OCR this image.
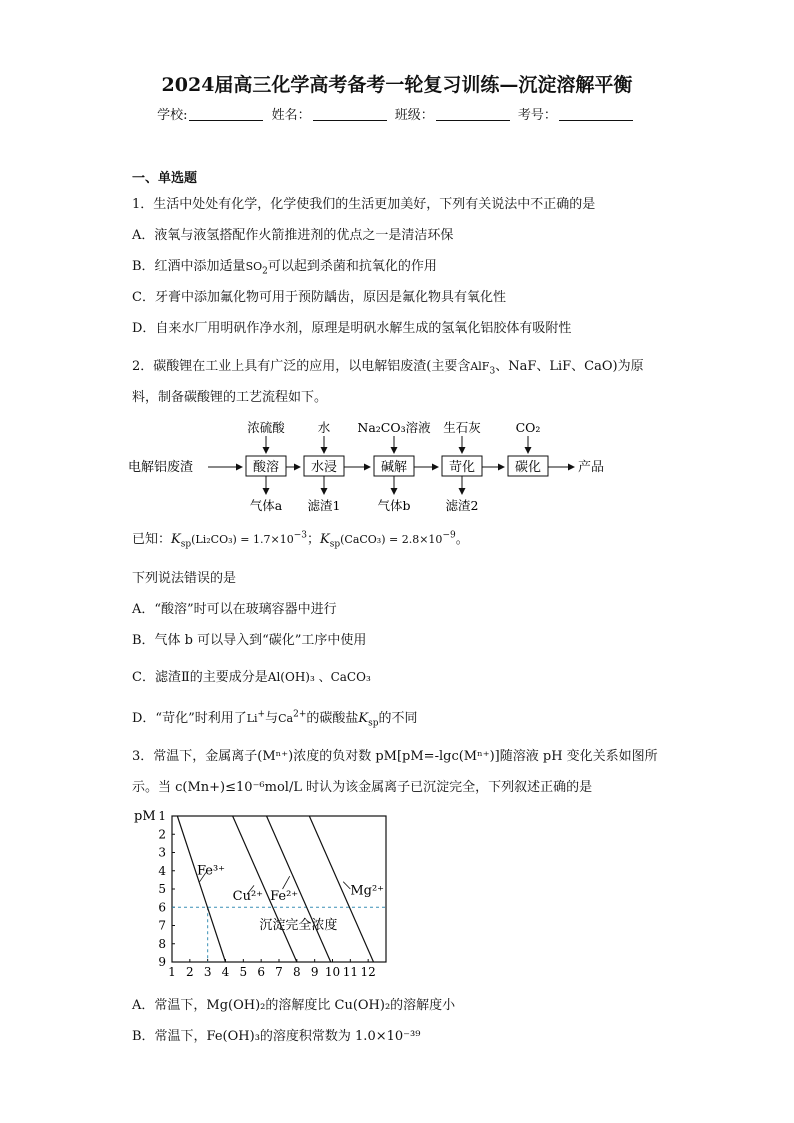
2024届高三化学高考备考一轮复习训练—沉淀溶解平衡
学校:	姓名：	班级：	考号：
一、单选题
1．生活中处处有化学，化学使我们的生活更加美好，下列有关说法中不正确的是
A．液氧与液氢搭配作火箭推进剂的优点之一是清洁环保
B．红酒中添加适量$SO_2$可以起到杀菌和抗氧化的作用
C．牙膏中添加氟化物可用于预防龋齿，原因是氟化物具有氧化性
D．自来水厂用明矾作净水剂，原理是明矾水解生成的氢氧化铝胶体有吸附性
2．碳酸锂在工业上具有广泛的应用，以电解铝废渣(主要含AlF$_3$、NaF、LiF、CaO)为原
料，制备碳酸锂的工艺流程如下。
电解铝废渣	酸溶
浓硫酸
气体a
水浸
水
滤渣1
碱解
Na₂CO₃溶液
气体b
苛化
生石灰
滤渣2
碳化
CO₂
产品
已知：$K_{sp}(Li_2CO_3) = 1.7\times 10^{-3}$；$K_{sp}(CaCO_3) = 2.8\times 10^{-9}$。
下列说法错误的是
A．“酸溶”时可以在玻璃容器中进行
B．气体 b 可以导入到“碳化”工序中使用
C．滤渣Ⅱ的主要成分是Al(OH)₃ 、CaCO₃
D．“苛化”时利用了Li+与$Ca^{2+}$的碳酸盐$K_{sp}$的不同
3．常温下，金属离子(Mⁿ⁺)浓度的负对数 pM[pM=-lgc(Mⁿ⁺)]随溶液 pH 变化关系如图所
示。当 c(Mn+)≤10⁻⁶mol/L 时认为该金属离子已沉淀完全，下列叙述正确的是
pM 1
2
3
4
5
6
7
8
9
1 2 3 4 5 6 7 8 9 10 11 12
沉淀完全浓度
Fe³⁺
Cu²⁺ Fe²⁺	Mg²⁺
A．常温下，Mg(OH)₂的溶解度比 Cu(OH)₂的溶解度小
B．常温下，Fe(OH)₃的溶度积常数为 1.0×10⁻³⁹
